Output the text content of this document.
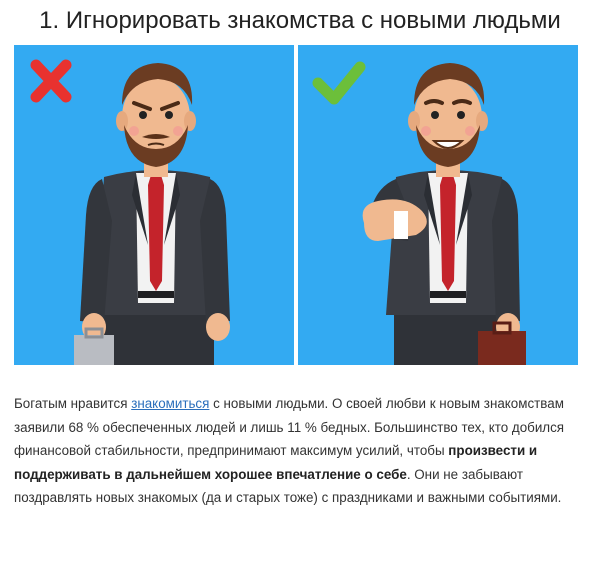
1. Игнорировать знакомства с новыми людьми

Богатым нравится знакомиться с новыми людьми. О своей любви к новым знакомствам заявили 68 % обеспеченных людей и лишь 11 % бедных. Большинство тех, кто добился финансовой стабильности, предпринимают максимум усилий, чтобы произвести и поддерживать в дальнейшем хорошее впечатление о себе. Они не забывают поздравлять новых знакомых (да и старых тоже) с праздниками и важными событиями.
